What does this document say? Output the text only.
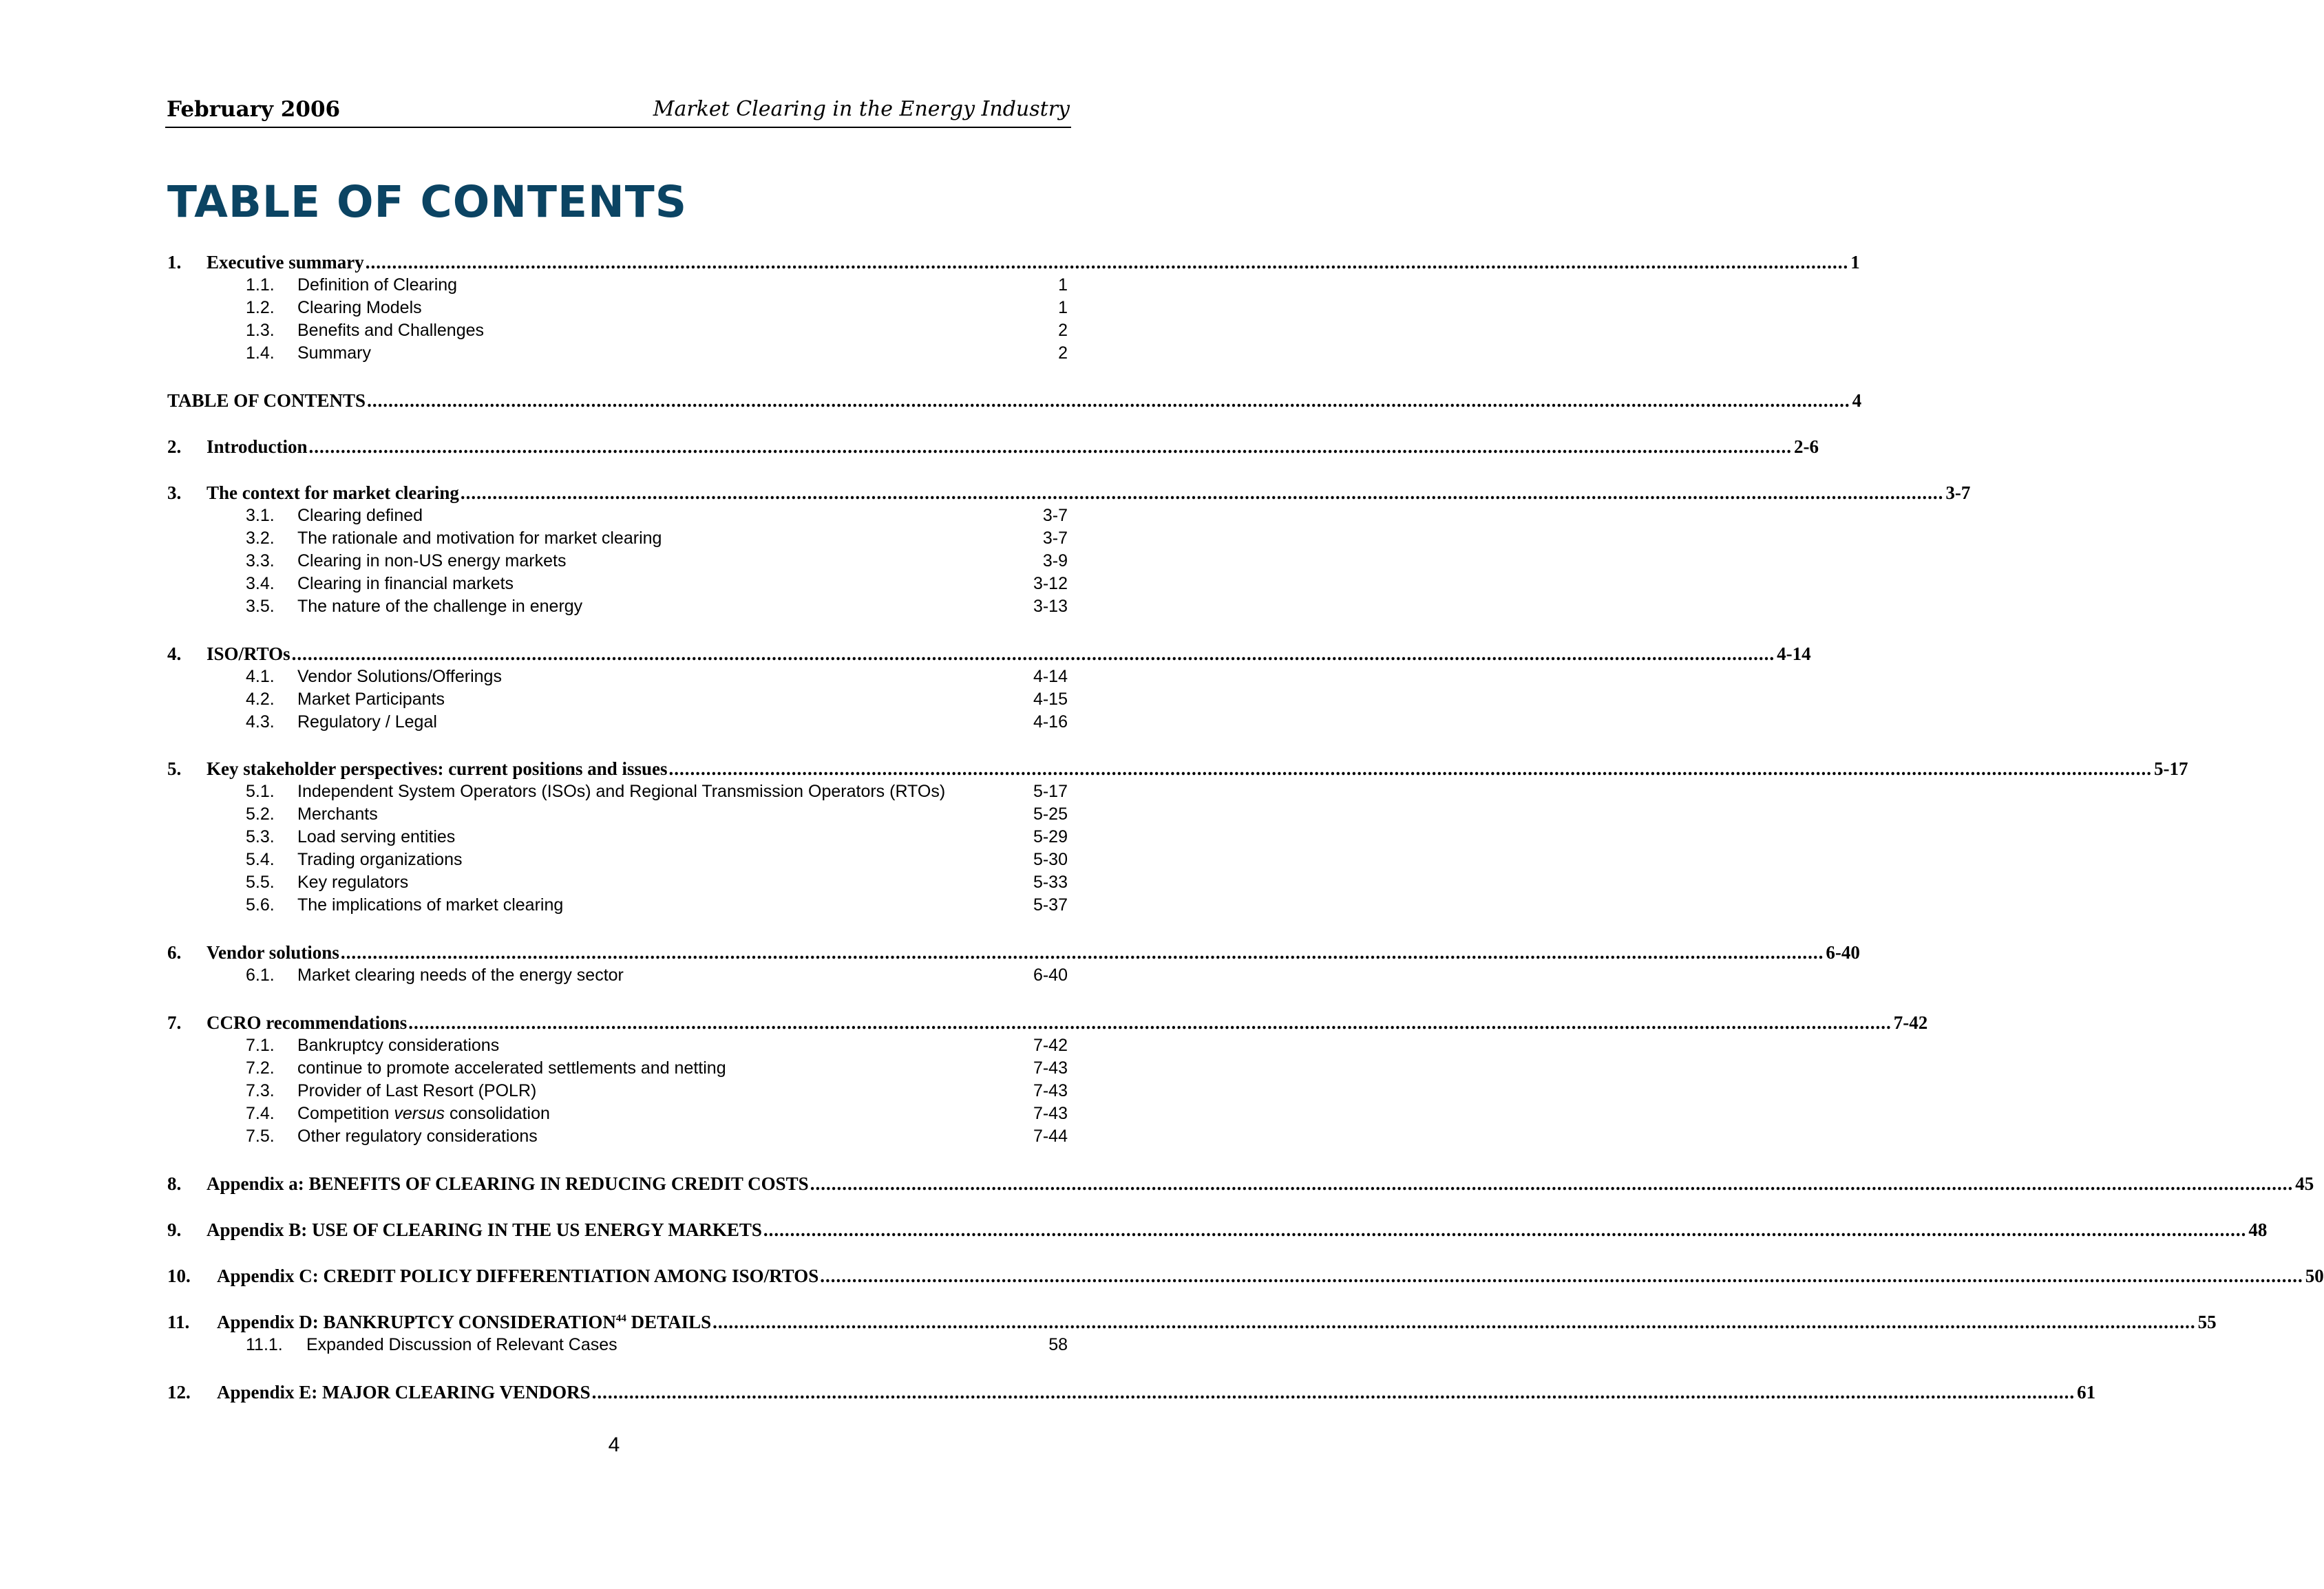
February 2006	Market Clearing in the Energy Industry
TABLE OF CONTENTS
1.	Executive summary ...................................................................................................................................................................................................................................................................................... 1
1.1. Definition of Clearing	1
1.2. Clearing Models	1
1.3. Benefits and Challenges	2
1.4. Summary	2
TABLE OF CONTENTS ...................................................................................................................................................................................................................................................................................... 4
2.	Introduction ...................................................................................................................................................................................................................................................................................... 2-6
3.	The context for market clearing ...................................................................................................................................................................................................................................................................................... 3-7
3.1. Clearing defined	3-7
3.2. The rationale and motivation for market clearing	3-7
3.3. Clearing in non-US energy markets	3-9
3.4. Clearing in financial markets	3-12
3.5. The nature of the challenge in energy	3-13
4.	ISO/RTOs ...................................................................................................................................................................................................................................................................................... 4-14
4.1. Vendor Solutions/Offerings	4-14
4.2. Market Participants	4-15
4.3. Regulatory / Legal	4-16
5.	Key stakeholder perspectives: current positions and issues ...................................................................................................................................................................................................................................................................................... 5-17
5.1. Independent System Operators (ISOs) and Regional Transmission Operators (RTOs)	5-17
5.2. Merchants	5-25
5.3. Load serving entities	5-29
5.4. Trading organizations	5-30
5.5. Key regulators	5-33
5.6. The implications of market clearing	5-37
6.	Vendor solutions ...................................................................................................................................................................................................................................................................................... 6-40
6.1. Market clearing needs of the energy sector	6-40
7.	CCRO recommendations ...................................................................................................................................................................................................................................................................................... 7-42
7.1. Bankruptcy considerations	7-42
7.2. continue to promote accelerated settlements and netting	7-43
7.3. Provider of Last Resort (POLR)	7-43
7.4. Competition versus consolidation	7-43
7.5. Other regulatory considerations	7-44
8.	Appendix a: BENEFITS OF CLEARING IN REDUCING CREDIT COSTS ...................................................................................................................................................................................................................................................................................... 45
9.	Appendix B: USE OF CLEARING IN THE US ENERGY MARKETS ...................................................................................................................................................................................................................................................................................... 48
10.	Appendix C: CREDIT POLICY DIFFERENTIATION AMONG ISO/RTOS ...................................................................................................................................................................................................................................................................................... 50
11.	Appendix D: BANKRUPTCY CONSIDERATION$^{44}$ DETAILS ...................................................................................................................................................................................................................................................................................... 55
11.1. Expanded Discussion of Relevant Cases	58
12.	Appendix E: MAJOR CLEARING VENDORS ...................................................................................................................................................................................................................................................................................... 61
4
